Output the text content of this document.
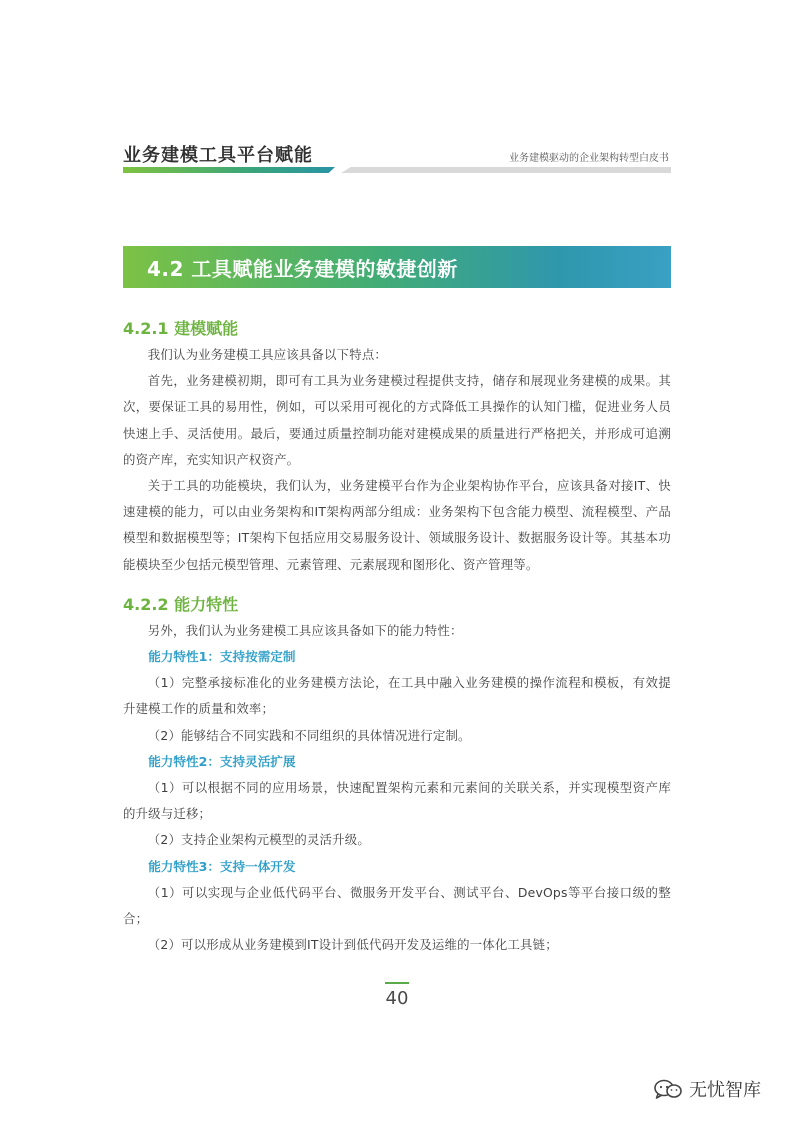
业务建模工具平台赋能	业务建模驱动的企业架构转型白皮书
4.2 工具赋能业务建模的敏捷创新

4.2.1 建模赋能

我们认为业务建模工具应该具备以下特点：

首先，业务建模初期，即可有工具为业务建模过程提供支持，储存和展现业务建模的成果。其次，要保证工具的易用性，例如，可以采用可视化的方式降低工具操作的认知门槛，促进业务人员快速上手、灵活使用。最后，要通过质量控制功能对建模成果的质量进行严格把关，并形成可追溯的资产库，充实知识产权资产。

关于工具的功能模块，我们认为，业务建模平台作为企业架构协作平台，应该具备对接IT、快速建模的能力，可以由业务架构和IT架构两部分组成：业务架构下包含能力模型、流程模型、产品模型和数据模型等；IT架构下包括应用交易服务设计、领域服务设计、数据服务设计等。其基本功能模块至少包括元模型管理、元素管理、元素展现和图形化、资产管理等。

4.2.2 能力特性

另外，我们认为业务建模工具应该具备如下的能力特性：

能力特性1：支持按需定制

（1）完整承接标准化的业务建模方法论，在工具中融入业务建模的操作流程和模板，有效提升建模工作的质量和效率；

（2）能够结合不同实践和不同组织的具体情况进行定制。

能力特性2：支持灵活扩展

（1）可以根据不同的应用场景，快速配置架构元素和元素间的关联关系，并实现模型资产库的升级与迁移；

（2）支持企业架构元模型的灵活升级。

能力特性3：支持一体开发

（1）可以实现与企业低代码平台、微服务开发平台、测试平台、DevOps等平台接口级的整合；

（2）可以形成从业务建模到IT设计到低代码开发及运维的一体化工具链；

40
无忧智库
